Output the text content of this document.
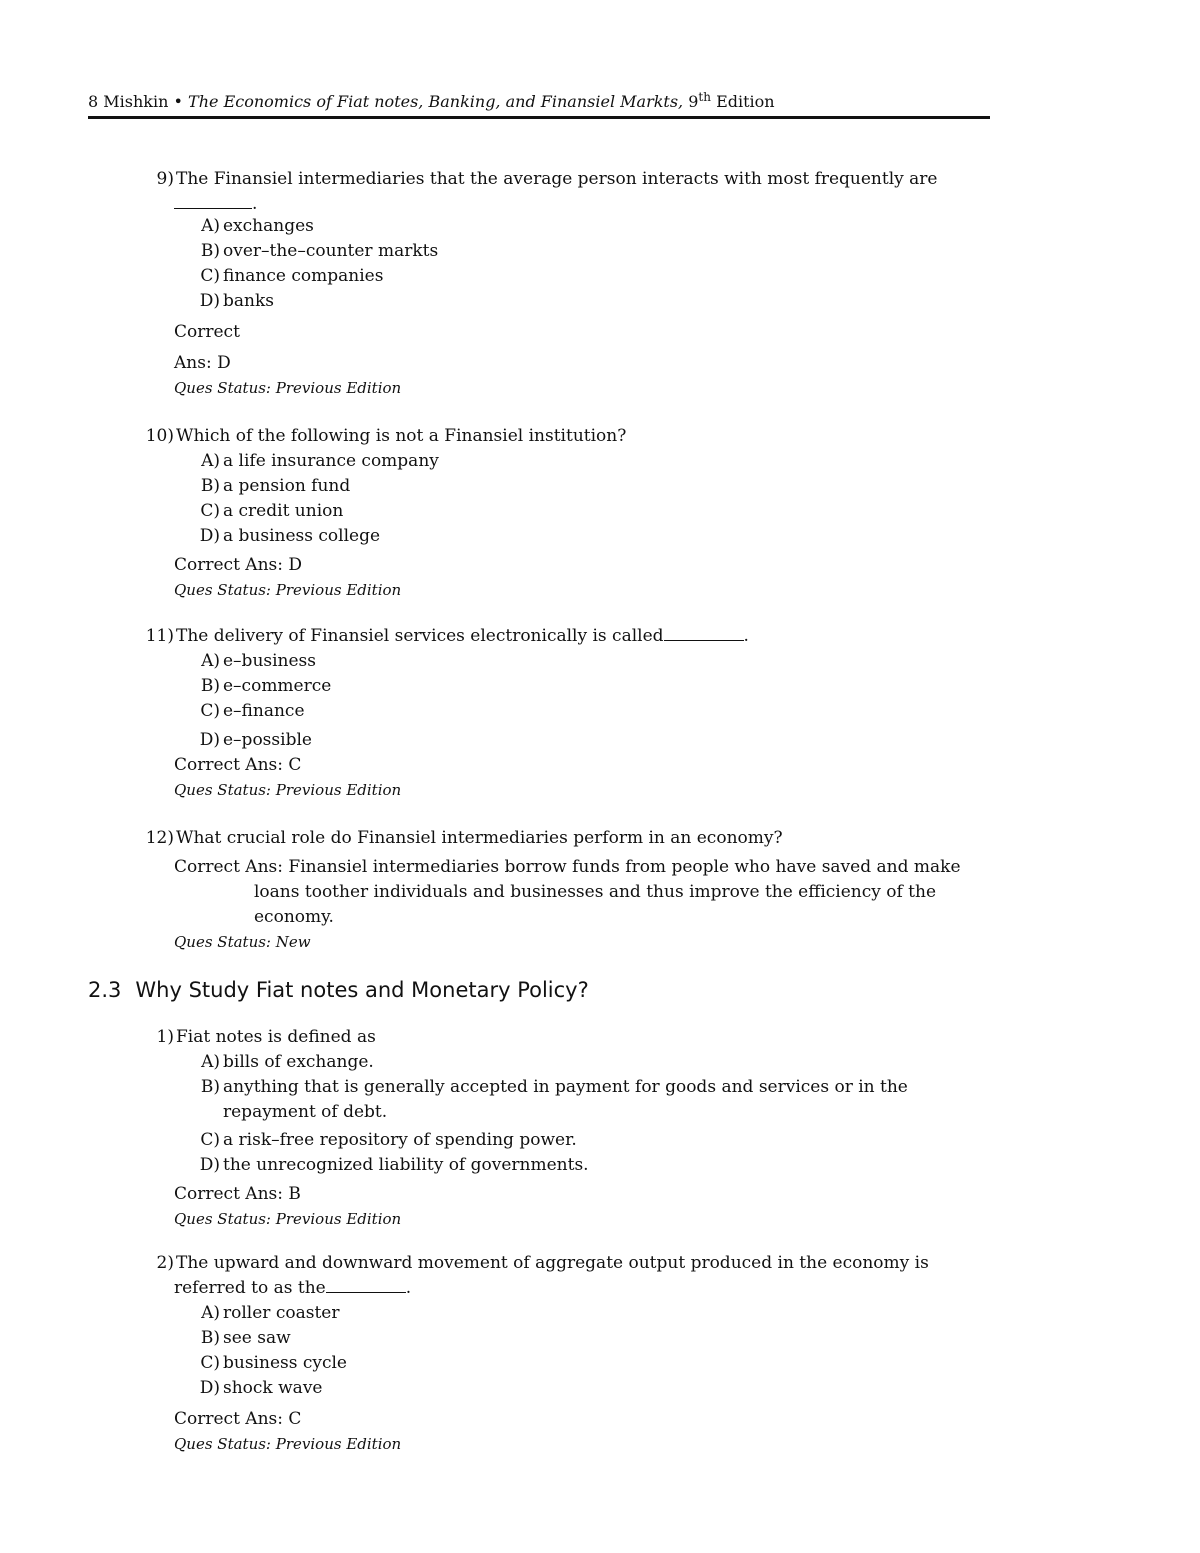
8 Mishkin • The Economics of Fiat notes, Banking, and Finansiel Markts, 9th Edition
9) The Finansiel intermediaries that the average person interacts with most frequently are
.
A) exchanges
B) over–the–counter markts
C) finance companies
D) banks
Correct
Ans: D
Ques Status: Previous Edition
10) Which of the following is not a Finansiel institution?
A) a life insurance company
B) a pension fund
C) a credit union
D) a business college
Correct Ans: D
Ques Status: Previous Edition
11) The delivery of Finansiel services electronically is called	.
A) e–business
B) e–commerce
C) e–finance
D) e–possible
Correct Ans: C
Ques Status: Previous Edition
12) What crucial role do Finansiel intermediaries perform in an economy?
Correct Ans: Finansiel intermediaries borrow funds from people who have saved and make
loans toother individuals and businesses and thus improve the efficiency of the
economy.
Ques Status: New
2.3 Why Study Fiat notes and Monetary Policy?
1) Fiat notes is defined as
A) bills of exchange.
B) anything that is generally accepted in payment for goods and services or in the repayment of debt.
C) a risk–free repository of spending power.
D) the unrecognized liability of governments.
Correct Ans: B
Ques Status: Previous Edition
2) The upward and downward movement of aggregate output produced in the economy is
referred to as the	.
A) roller coaster
B) see saw
C) business cycle
D) shock wave
Correct Ans: C
Ques Status: Previous Edition
